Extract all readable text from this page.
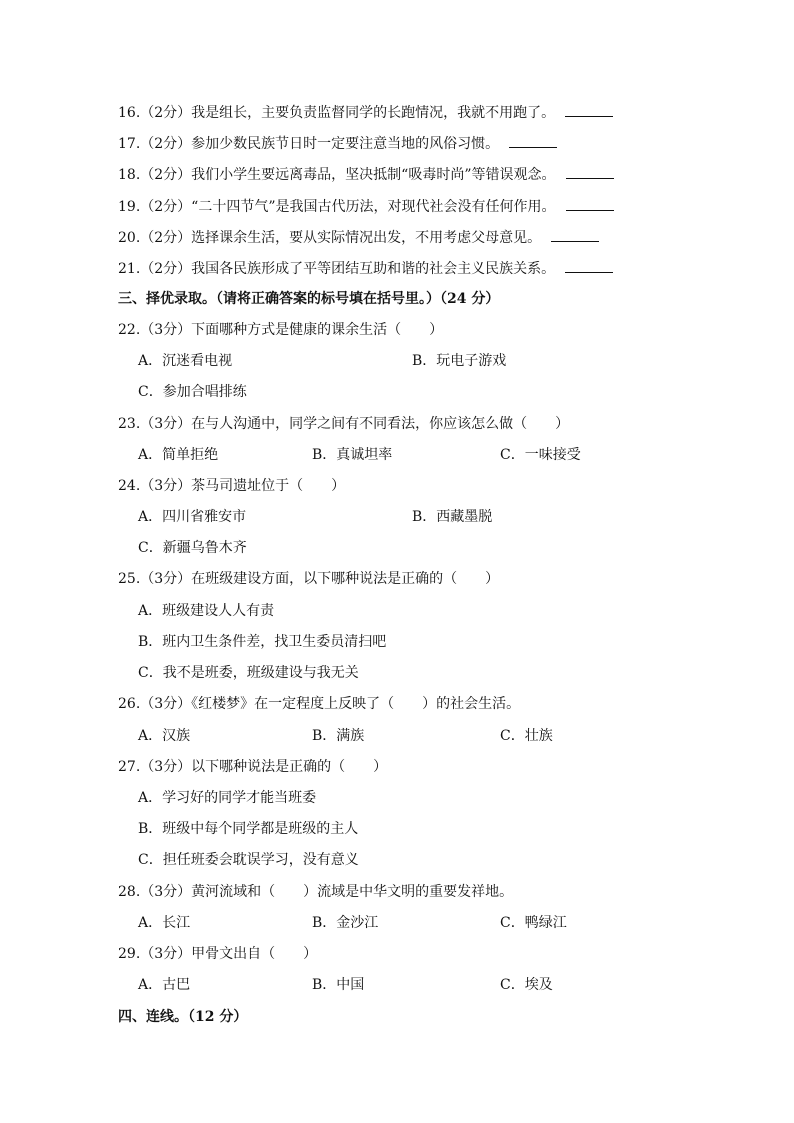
16.（2分）我是组长，主要负责监督同学的长跑情况，我就不用跑了。
17.（2分）参加少数民族节日时一定要注意当地的风俗习惯。
18.（2分）我们小学生要远离毒品，坚决抵制“吸毒时尚”等错误观念。
19.（2分）“二十四节气”是我国古代历法，对现代社会没有任何作用。
20.（2分）选择课余生活，要从实际情况出发，不用考虑父母意见。
21.（2分）我国各民族形成了平等团结互助和谐的社会主义民族关系。
三、择优录取。（请将正确答案的标号填在括号里。）（24 分）
22.（3分）下面哪种方式是健康的课余生活（　　）
A．沉迷看电视	B．玩电子游戏
C．参加合唱排练
23.（3分）在与人沟通中，同学之间有不同看法，你应该怎么做（　　）
A．简单拒绝	B．真诚坦率	C．一味接受
24.（3分）茶马司遗址位于（　　）
A．四川省雅安市	B．西藏墨脱
C．新疆乌鲁木齐
25.（3分）在班级建设方面，以下哪种说法是正确的（　　）
A．班级建设人人有责
B．班内卫生条件差，找卫生委员清扫吧
C．我不是班委，班级建设与我无关
26.（3分）《红楼梦》在一定程度上反映了（　　）的社会生活。
A．汉族	B．满族	C．壮族
27.（3分）以下哪种说法是正确的（　　）
A．学习好的同学才能当班委
B．班级中每个同学都是班级的主人
C．担任班委会耽误学习，没有意义
28.（3分）黄河流域和（　　）流域是中华文明的重要发祥地。
A．长江	B．金沙江	C．鸭绿江
29.（3分）甲骨文出自（　　）
A．古巴	B．中国	C．埃及
四、连线。（12 分）
